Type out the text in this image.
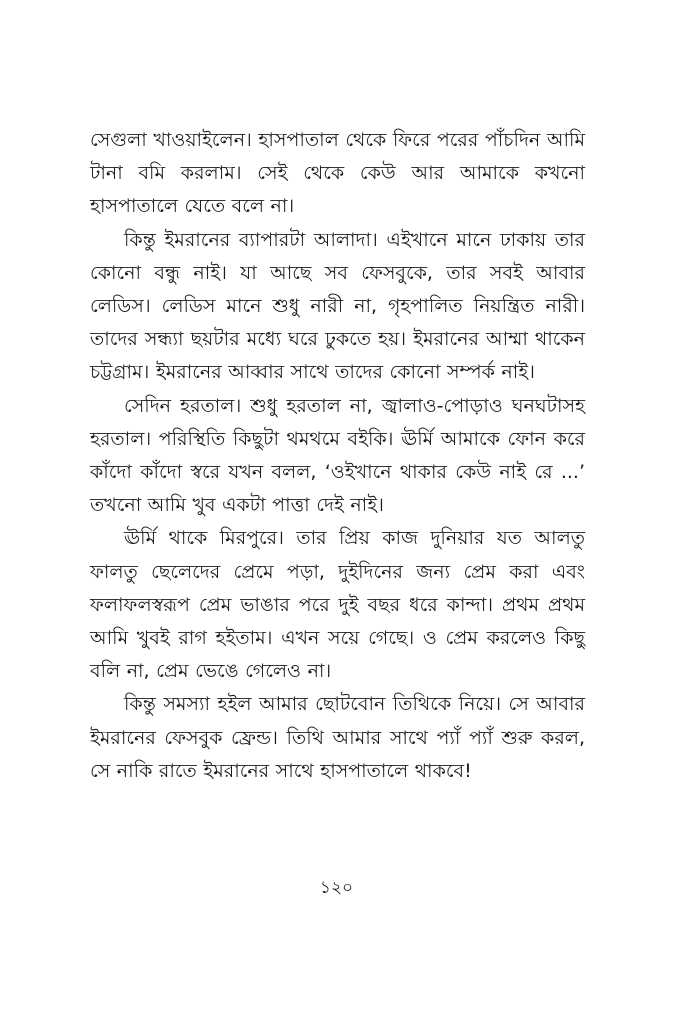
সেগুলা খাওয়াইলেন। হাসপাতাল থেকে ফিরে পরের পাঁচদিন আমি টানা বমি করলাম। সেই থেকে কেউ আর আমাকে কখনো হাসপাতালে যেতে বলে না।

কিন্তু ইমরানের ব্যাপারটা আলাদা। এইখানে মানে ঢাকায় তার কোনো বন্ধু নাই। যা আছে সব ফেসবুকে, তার সবই আবার লেডিস। লেডিস মানে শুধু নারী না, গৃহপালিত নিয়ন্ত্রিত নারী। তাদের সন্ধ্যা ছয়টার মধ্যে ঘরে ঢুকতে হয়। ইমরানের আম্মা থাকেন চট্টগ্রাম। ইমরানের আব্বার সাথে তাদের কোনো সম্পর্ক নাই।

সেদিন হরতাল। শুধু হরতাল না, জ্বালাও-পোড়াও ঘনঘটাসহ হরতাল। পরিস্থিতি কিছুটা থমথমে বইকি। ঊর্মি আমাকে ফোন করে কাঁদো কাঁদো স্বরে যখন বলল, ‘ওইখানে থাকার কেউ নাই রে ...’ তখনো আমি খুব একটা পাত্তা দেই নাই।

ঊর্মি থাকে মিরপুরে। তার প্রিয় কাজ দুনিয়ার যত আলতু ফালতু ছেলেদের প্রেমে পড়া, দুইদিনের জন্য প্রেম করা এবং ফলাফলস্বরূপ প্রেম ভাঙার পরে দুই বছর ধরে কান্দা। প্রথম প্রথম আমি খুবই রাগ হইতাম। এখন সয়ে গেছে। ও প্রেম করলেও কিছু বলি না, প্রেম ভেঙে গেলেও না।

কিন্তু সমস্যা হইল আমার ছোটবোন তিথিকে নিয়ে। সে আবার ইমরানের ফেসবুক ফ্রেন্ড। তিথি আমার সাথে প্যাঁ প্যাঁ শুরু করল, সে নাকি রাতে ইমরানের সাথে হাসপাতালে থাকবে!

১২০
